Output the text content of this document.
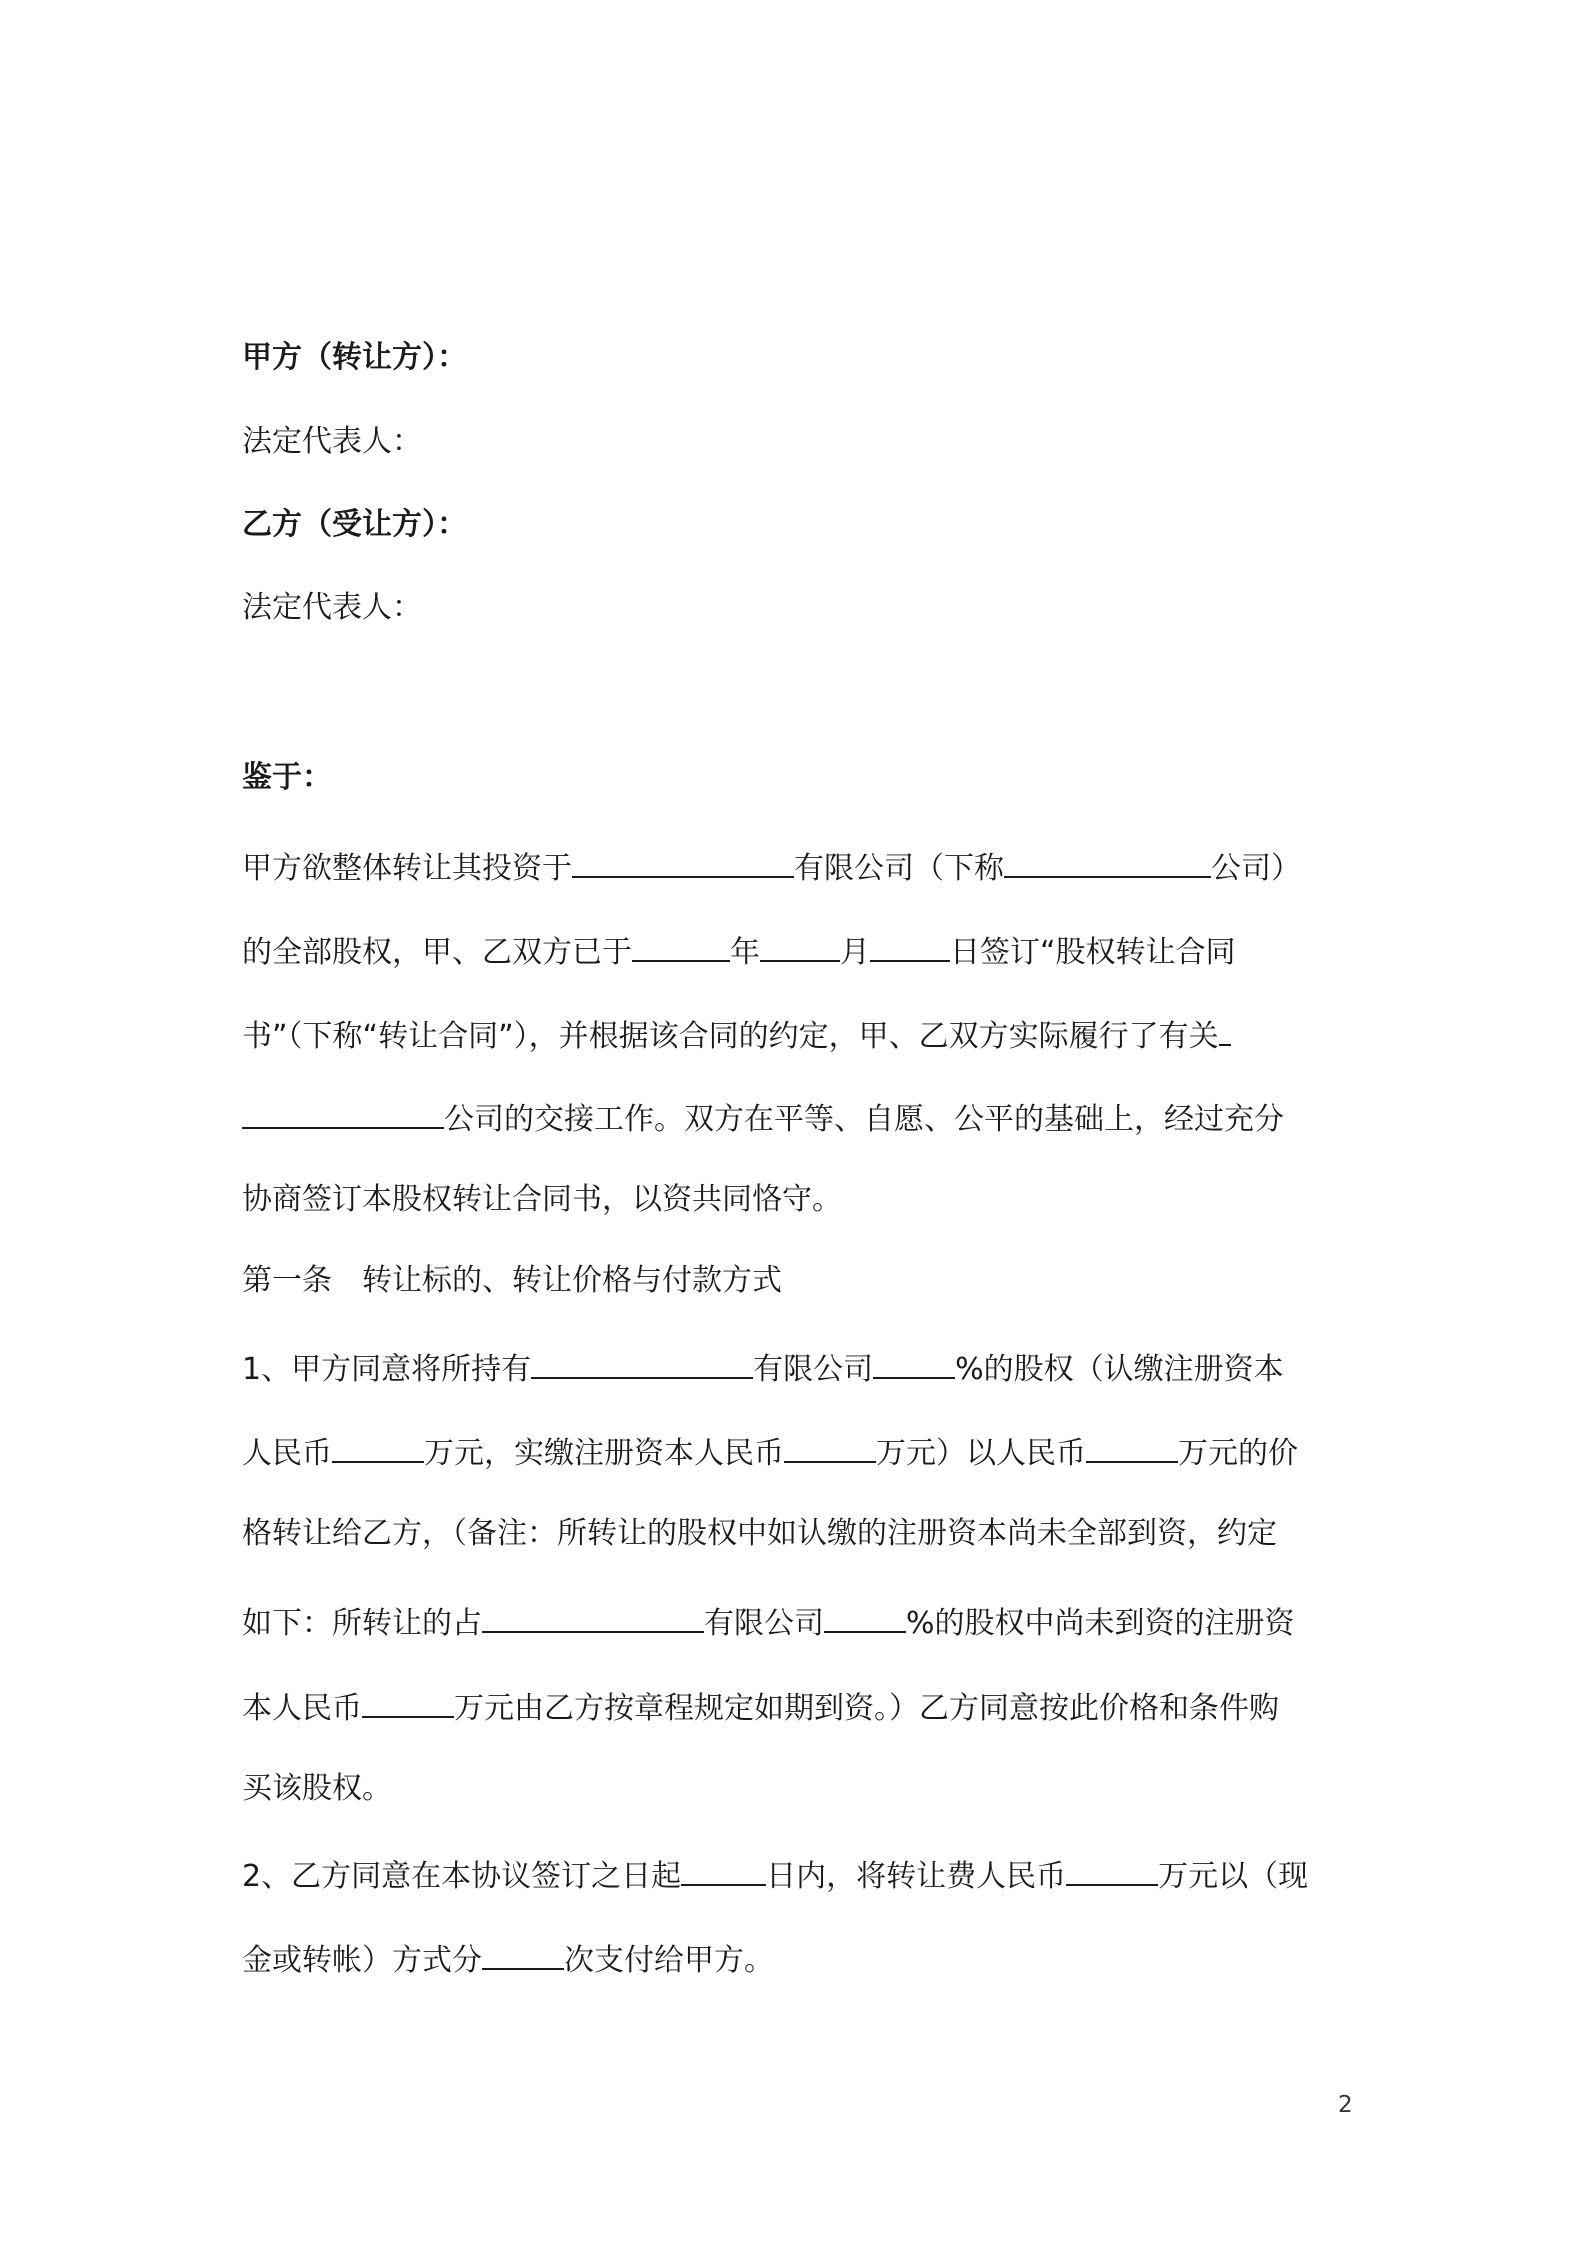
甲方（转让方）：
法定代表人：
乙方（受让方）：
法定代表人：
鉴于：
甲方欲整体转让其投资于	有限公司（下称	公司）
的全部股权，甲、乙双方已于	年	月	日签订“股权转让合同
书”（下称“转让合同”），并根据该合同的约定，甲、乙双方实际履行了有关
公司的交接工作。双方在平等、自愿、公平的基础上，经过充分
协商签订本股权转让合同书，以资共同恪守。
第一条　转让标的、转让价格与付款方式
1、甲方同意将所持有	有限公司	%的股权（认缴注册资本
人民币	万元，实缴注册资本人民币	万元）以人民币	万元的价
格转让给乙方，（备注：所转让的股权中如认缴的注册资本尚未全部到资，约定
如下：所转让的占	有限公司	%的股权中尚未到资的注册资
本人民币	万元由乙方按章程规定如期到资。）乙方同意按此价格和条件购
买该股权。
2、乙方同意在本协议签订之日起	日内，将转让费人民币	万元以（现
金或转帐）方式分	次支付给甲方。
2
